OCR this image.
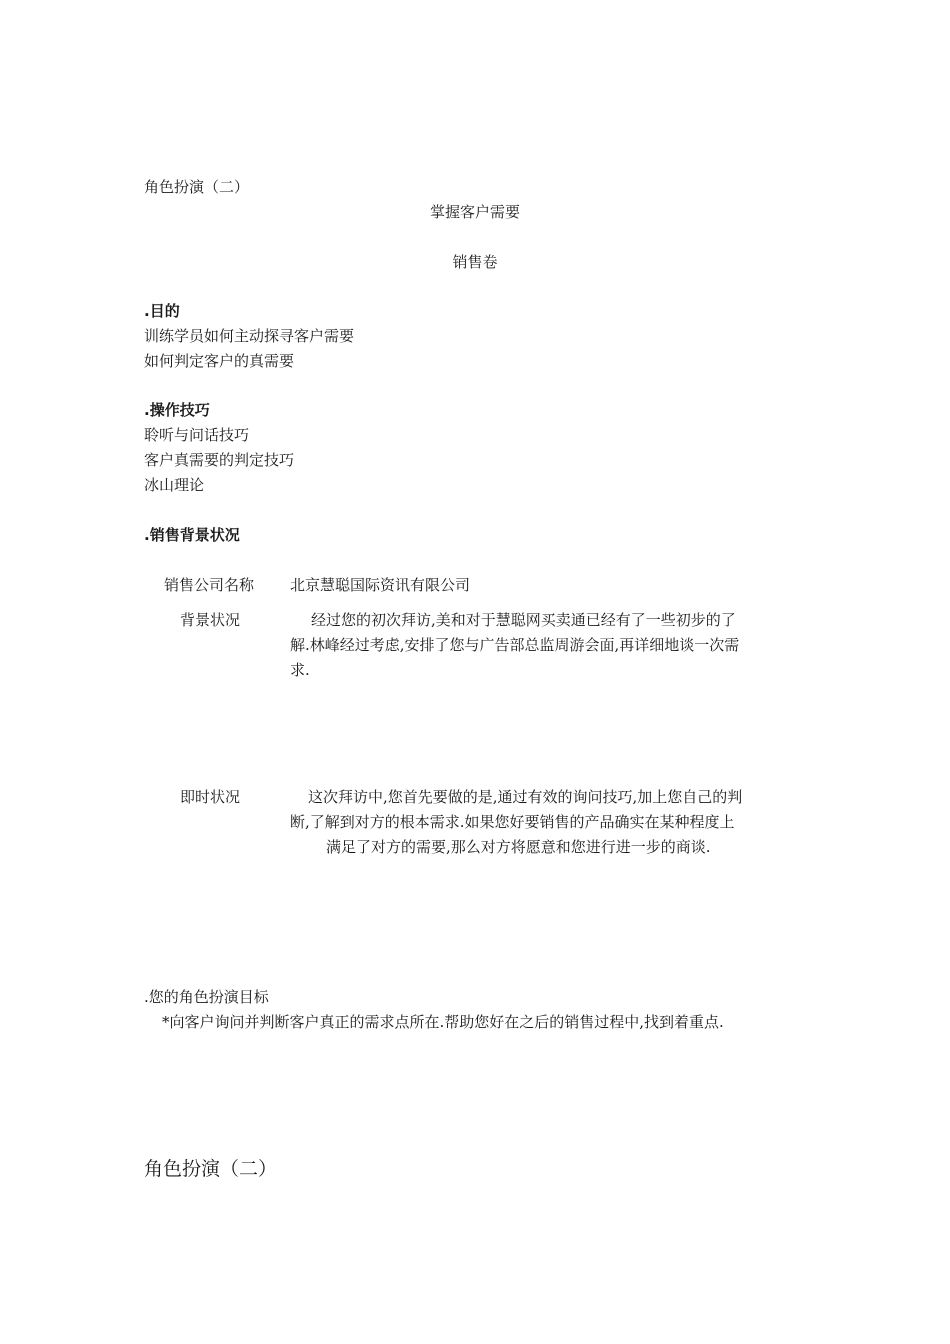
角色扮演（二）
掌握客户需要
销售卷
.目的
训练学员如何主动探寻客户需要
如何判定客户的真需要
.操作技巧
聆听与问话技巧
客户真需要的判定技巧
冰山理论
.销售背景状况
销售公司名称 北京慧聪国际资讯有限公司
背景状况	经过您的初次拜访,美和对于慧聪网买卖通已经有了一些初步的了
解.林峰经过考虑,安排了您与广告部总监周游会面,再详细地谈一次需
求.
即时状况	这次拜访中,您首先要做的是,通过有效的询问技巧,加上您自己的判
断,了解到对方的根本需求.如果您好要销售的产品确实在某种程度上
满足了对方的需要,那么对方将愿意和您进行进一步的商谈.
.您的角色扮演目标
*向客户询问并判断客户真正的需求点所在.帮助您好在之后的销售过程中,找到着重点.
角色扮演（二）
